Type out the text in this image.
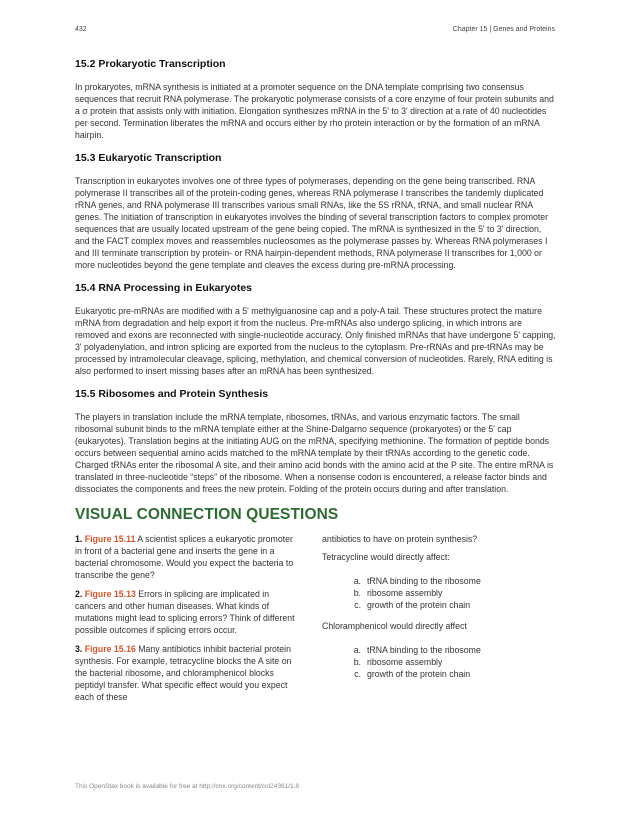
432	Chapter 15 | Genes and Proteins
15.2 Prokaryotic Transcription

In prokaryotes, mRNA synthesis is initiated at a promoter sequence on the DNA template comprising two consensus sequences that recruit RNA polymerase. The prokaryotic polymerase consists of a core enzyme of four protein subunits and a σ protein that assists only with initiation. Elongation synthesizes mRNA in the 5' to 3' direction at a rate of 40 nucleotides per second. Termination liberates the mRNA and occurs either by rho protein interaction or by the formation of an mRNA hairpin.

15.3 Eukaryotic Transcription

Transcription in eukaryotes involves one of three types of polymerases, depending on the gene being transcribed. RNA polymerase II transcribes all of the protein-coding genes, whereas RNA polymerase I transcribes the tandemly duplicated rRNA genes, and RNA polymerase III transcribes various small RNAs, like the 5S rRNA, tRNA, and small nuclear RNA genes. The initiation of transcription in eukaryotes involves the binding of several transcription factors to complex promoter sequences that are usually located upstream of the gene being copied. The mRNA is synthesized in the 5' to 3' direction, and the FACT complex moves and reassembles nucleosomes as the polymerase passes by. Whereas RNA polymerases I and III terminate transcription by protein- or RNA hairpin-dependent methods, RNA polymerase II transcribes for 1,000 or more nucleotides beyond the gene template and cleaves the excess during pre-mRNA processing.

15.4 RNA Processing in Eukaryotes

Eukaryotic pre-mRNAs are modified with a 5' methylguanosine cap and a poly-A tail. These structures protect the mature mRNA from degradation and help export it from the nucleus. Pre-mRNAs also undergo splicing, in which introns are removed and exons are reconnected with single-nucleotide accuracy. Only finished mRNAs that have undergone 5' capping, 3' polyadenylation, and intron splicing are exported from the nucleus to the cytoplasm. Pre-rRNAs and pre-tRNAs may be processed by intramolecular cleavage, splicing, methylation, and chemical conversion of nucleotides. Rarely, RNA editing is also performed to insert missing bases after an mRNA has been synthesized.

15.5 Ribosomes and Protein Synthesis

The players in translation include the mRNA template, ribosomes, tRNAs, and various enzymatic factors. The small ribosomal subunit binds to the mRNA template either at the Shine-Dalgarno sequence (prokaryotes) or the 5' cap (eukaryotes). Translation begins at the initiating AUG on the mRNA, specifying methionine. The formation of peptide bonds occurs between sequential amino acids matched to the mRNA template by their tRNAs according to the genetic code. Charged tRNAs enter the ribosomal A site, and their amino acid bonds with the amino acid at the P site. The entire mRNA is translated in three-nucleotide “steps” of the ribosome. When a nonsense codon is encountered, a release factor binds and dissociates the components and frees the new protein. Folding of the protein occurs during and after translation.

VISUAL CONNECTION QUESTIONS

1. Figure 15.11 A scientist splices a eukaryotic promoter in front of a bacterial gene and inserts the gene in a bacterial chromosome. Would you expect the bacteria to transcribe the gene?

2. Figure 15.13 Errors in splicing are implicated in cancers and other human diseases. What kinds of mutations might lead to splicing errors? Think of different possible outcomes if splicing errors occur.

3. Figure 15.16 Many antibiotics inhibit bacterial protein synthesis. For example, tetracycline blocks the A site on the bacterial ribosome, and chloramphenicol blocks peptidyl transfer. What specific effect would you expect each of these

antibiotics to have on protein synthesis?

Tetracycline would directly affect:

a. tRNA binding to the ribosome
b. ribosome assembly
c. growth of the protein chain

Chloramphenicol would directly affect

a. tRNA binding to the ribosome
b. ribosome assembly
c. growth of the protein chain
This OpenStax book is available for free at http://cnx.org/content/col24361/1.8
